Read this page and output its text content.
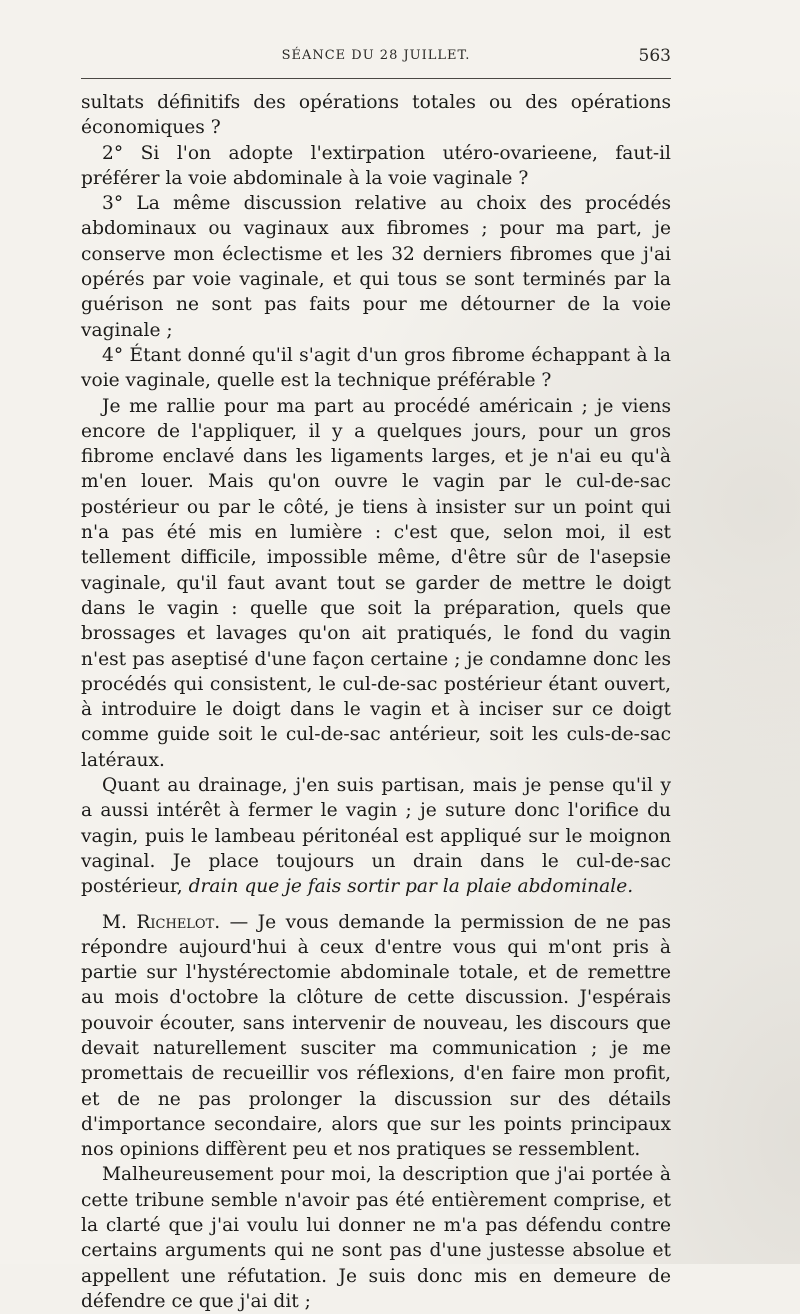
SÉANCE DU 28 JUILLET.	563

sultats définitifs des opérations totales ou des opérations économiques ?

2° Si l'on adopte l'extirpation utéro-ovarieene, faut-il préférer la voie abdominale à la voie vaginale ?

3° La même discussion relative au choix des procédés abdominaux ou vaginaux aux fibromes ; pour ma part, je conserve mon éclectisme et les 32 derniers fibromes que j'ai opérés par voie vaginale, et qui tous se sont terminés par la guérison ne sont pas faits pour me détourner de la voie vaginale ;

4° Étant donné qu'il s'agit d'un gros fibrome échappant à la voie vaginale, quelle est la technique préférable ?

Je me rallie pour ma part au procédé américain ; je viens encore de l'appliquer, il y a quelques jours, pour un gros fibrome enclavé dans les ligaments larges, et je n'ai eu qu'à m'en louer. Mais qu'on ouvre le vagin par le cul-de-sac postérieur ou par le côté, je tiens à insister sur un point qui n'a pas été mis en lumière : c'est que, selon moi, il est tellement difficile, impossible même, d'être sûr de l'asepsie vaginale, qu'il faut avant tout se garder de mettre le doigt dans le vagin : quelle que soit la préparation, quels que brossages et lavages qu'on ait pratiqués, le fond du vagin n'est pas aseptisé d'une façon certaine ; je condamne donc les procédés qui consistent, le cul-de-sac postérieur étant ouvert, à introduire le doigt dans le vagin et à inciser sur ce doigt comme guide soit le cul-de-sac antérieur, soit les culs-de-sac latéraux.

Quant au drainage, j'en suis partisan, mais je pense qu'il y a aussi intérêt à fermer le vagin ; je suture donc l'orifice du vagin, puis le lambeau péritonéal est appliqué sur le moignon vaginal. Je place toujours un drain dans le cul-de-sac postérieur, drain que je fais sortir par la plaie abdominale.

M. Richelot. — Je vous demande la permission de ne pas répondre aujourd'hui à ceux d'entre vous qui m'ont pris à partie sur l'hystérectomie abdominale totale, et de remettre au mois d'octobre la clôture de cette discussion. J'espérais pouvoir écouter, sans intervenir de nouveau, les discours que devait naturellement susciter ma communication ; je me promettais de recueillir vos réflexions, d'en faire mon profit, et de ne pas prolonger la discussion sur des détails d'importance secondaire, alors que sur les points principaux nos opinions diffèrent peu et nos pratiques se ressemblent.

Malheureusement pour moi, la description que j'ai portée à cette tribune semble n'avoir pas été entièrement comprise, et la clarté que j'ai voulu lui donner ne m'a pas défendu contre certains arguments qui ne sont pas d'une justesse absolue et appellent une réfutation. Je suis donc mis en demeure de défendre ce que j'ai dit ;
